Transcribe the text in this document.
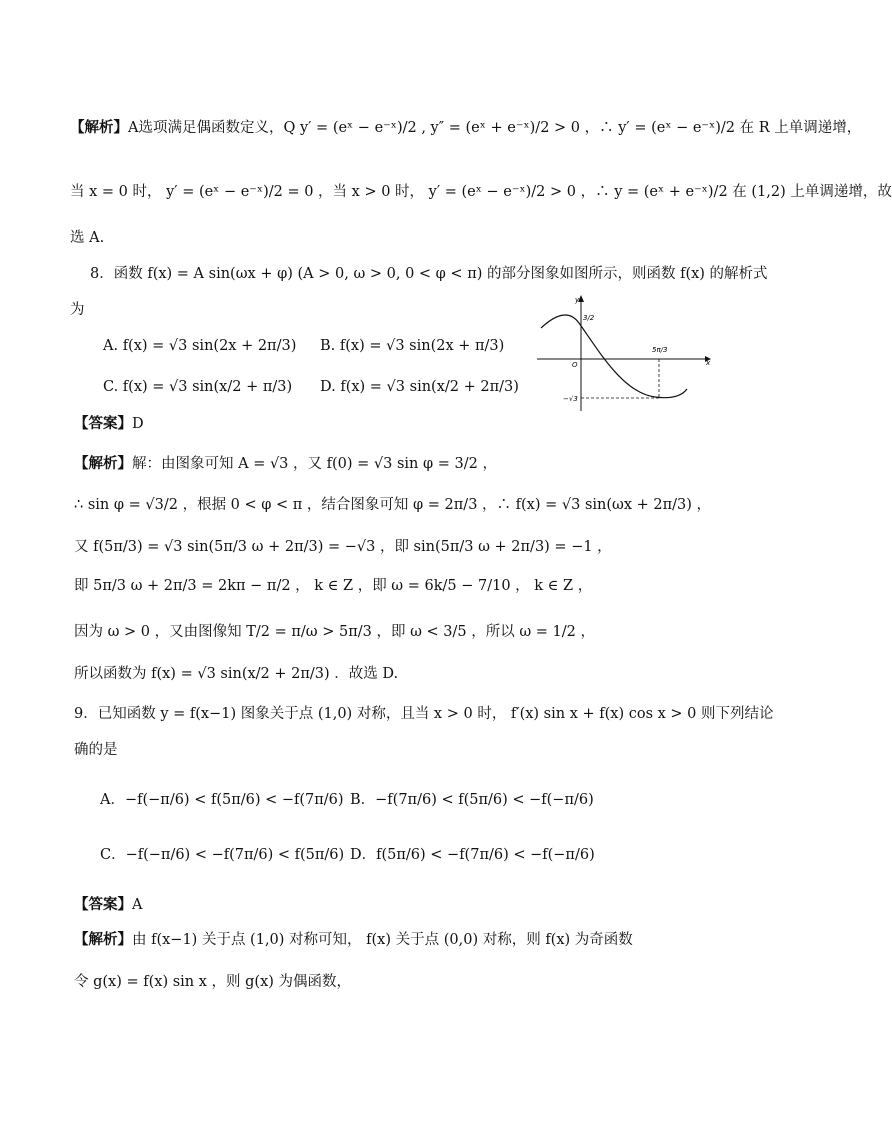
【解析】A选项满足偶函数定义，Q y′ = (eˣ − e⁻ˣ)/2 , y″ = (eˣ + e⁻ˣ)/2 > 0 ，∴ y′ = (eˣ − e⁻ˣ)/2 在 R 上单调递增，
当 x = 0 时， y′ = (eˣ − e⁻ˣ)/2 = 0 ，当 x > 0 时， y′ = (eˣ − e⁻ˣ)/2 > 0 ，∴ y = (eˣ + e⁻ˣ)/2 在 (1,2) 上单调递增，故
选 A.
8．函数 f(x) = A sin(ωx + φ) (A > 0, ω > 0, 0 < φ < π) 的部分图象如图所示，则函数 f(x) 的解析式
为
A. f(x) = √3 sin(2x + 2π/3) B. f(x) = √3 sin(2x + π/3)
C. f(x) = √3 sin(x/2 + π/3) D. f(x) = √3 sin(x/2 + 2π/3)
y
x
O
3/2
5π/3
−√3
【答案】D
【解析】解：由图象可知 A = √3 ，又 f(0) = √3 sin φ = 3/2 ，
∴ sin φ = √3/2 ，根据 0 < φ < π ，结合图象可知 φ = 2π/3 ，∴ f(x) = √3 sin(ωx + 2π/3) ，
又 f(5π/3) = √3 sin(5π/3 ω + 2π/3) = −√3 ，即 sin(5π/3 ω + 2π/3) = −1 ，
即 5π/3 ω + 2π/3 = 2kπ − π/2 ， k ∈ Z ，即 ω = 6k/5 − 7/10 ， k ∈ Z ，
因为 ω > 0 ，又由图像知 T/2 = π/ω > 5π/3 ，即 ω < 3/5 ，所以 ω = 1/2 ，
所以函数为 f(x) = √3 sin(x/2 + 2π/3) ．故选 D.
9．已知函数 y = f(x−1) 图象关于点 (1,0) 对称，且当 x > 0 时， f′(x) sin x + f(x) cos x > 0 则下列结论
确的是
A．−f(−π/6) < f(5π/6) < −f(7π/6) B．−f(7π/6) < f(5π/6) < −f(−π/6)
C．−f(−π/6) < −f(7π/6) < f(5π/6) D．f(5π/6) < −f(7π/6) < −f(−π/6)
【答案】A
【解析】由 f(x−1) 关于点 (1,0) 对称可知， f(x) 关于点 (0,0) 对称，则 f(x) 为奇函数
令 g(x) = f(x) sin x ，则 g(x) 为偶函数，
